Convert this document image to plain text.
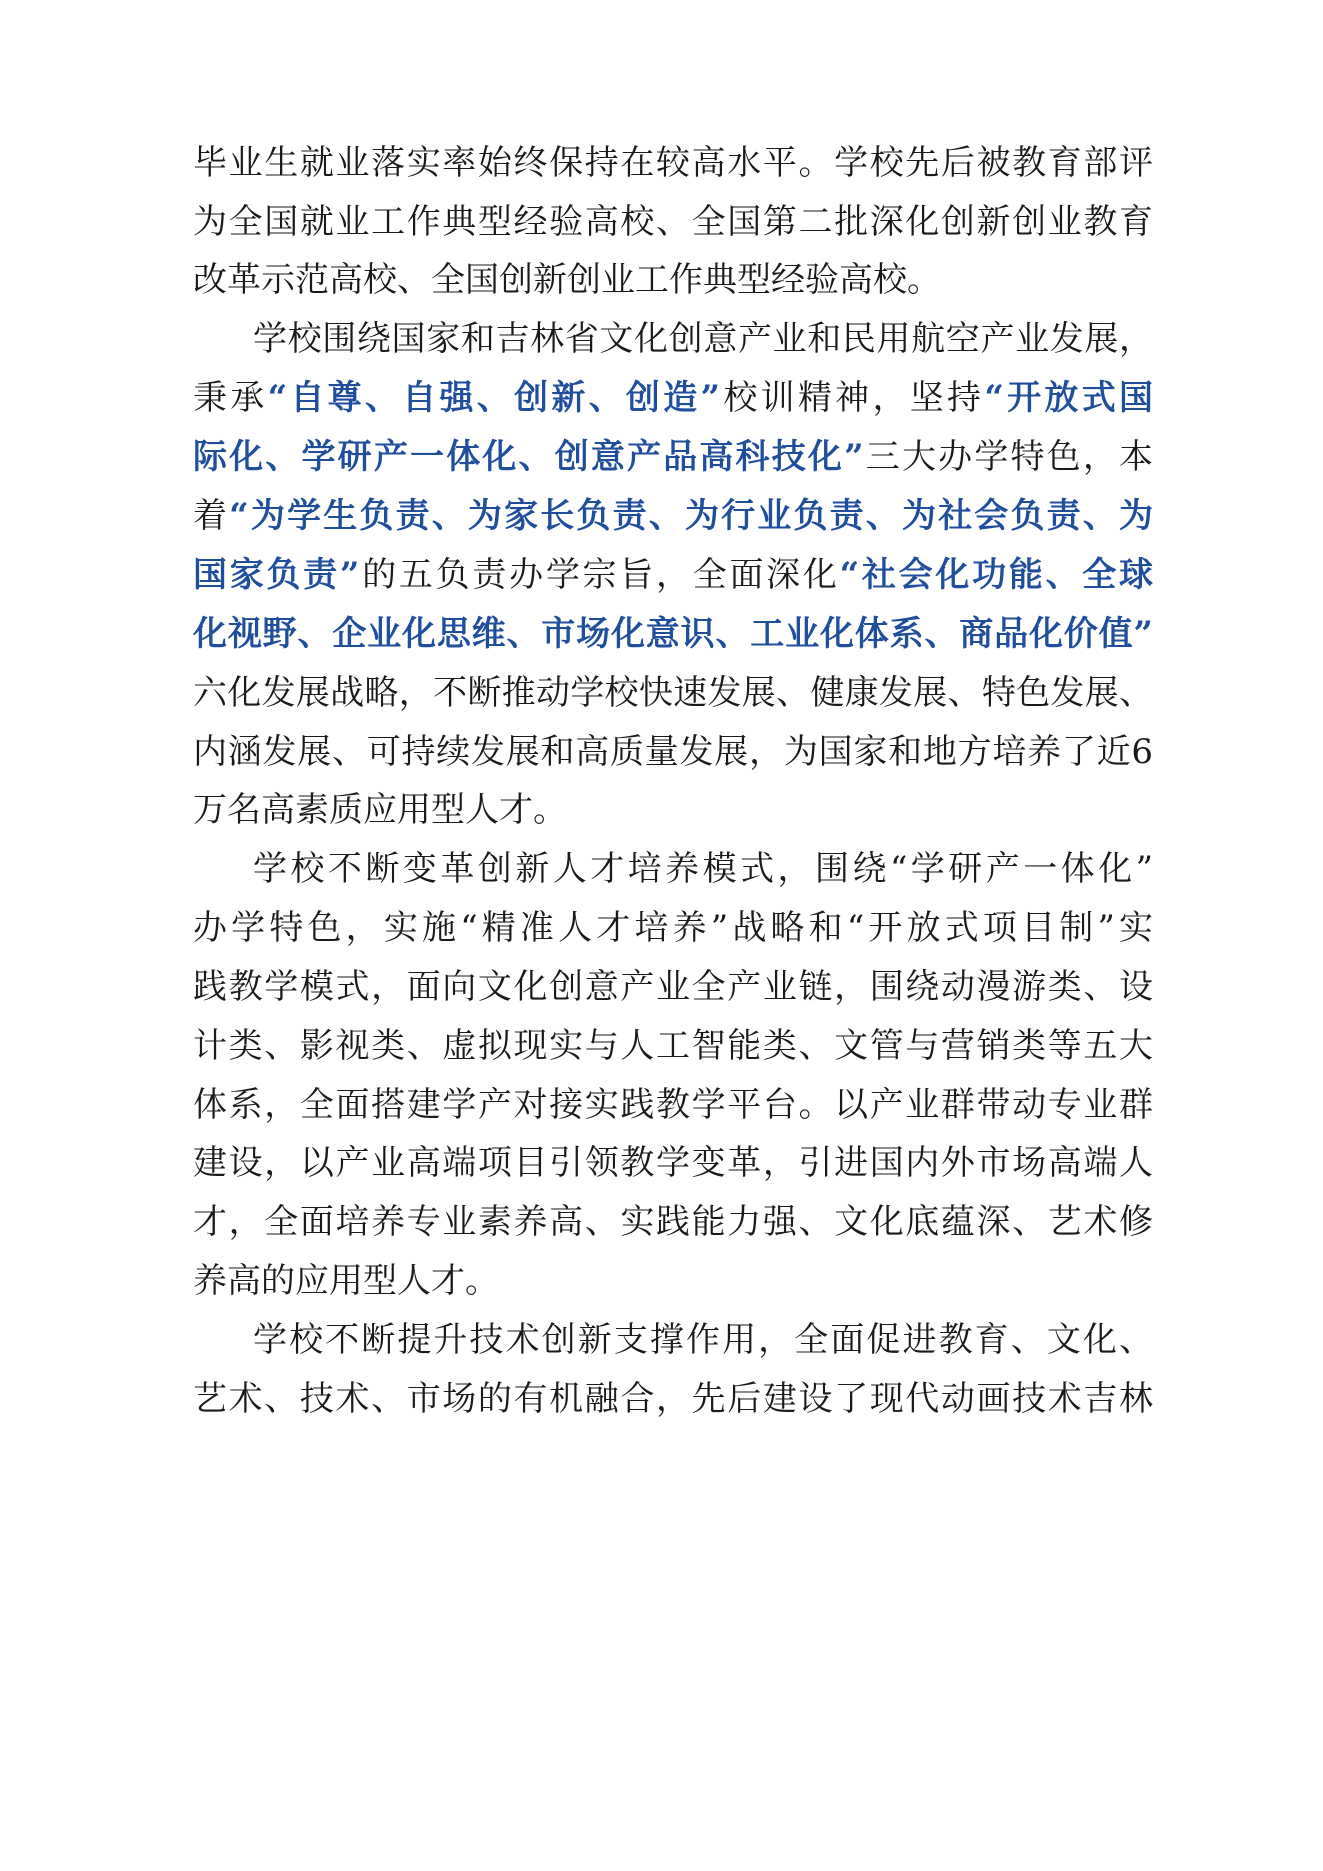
毕业生就业落实率始终保持在较高水平。学校先后被教育部评
为全国就业工作典型经验高校、全国第二批深化创新创业教育
改革示范高校、全国创新创业工作典型经验高校。
学校围绕国家和吉林省文化创意产业和民用航空产业发展，
秉承“自尊、自强、创新、创造”校训精神，坚持“开放式国
际化、学研产一体化、创意产品高科技化”三大办学特色，本
着“为学生负责、为家长负责、为行业负责、为社会负责、为
国家负责”的五负责办学宗旨，全面深化“社会化功能、全球
化视野、企业化思维、市场化意识、工业化体系、商品化价值”
六化发展战略，不断推动学校快速发展、健康发展、特色发展、
内涵发展、可持续发展和高质量发展，为国家和地方培养了近6
万名高素质应用型人才。
学校不断变革创新人才培养模式，围绕“学研产一体化”
办学特色，实施“精准人才培养”战略和“开放式项目制”实
践教学模式，面向文化创意产业全产业链，围绕动漫游类、设
计类、影视类、虚拟现实与人工智能类、文管与营销类等五大
体系，全面搭建学产对接实践教学平台。以产业群带动专业群
建设，以产业高端项目引领教学变革，引进国内外市场高端人
才，全面培养专业素养高、实践能力强、文化底蕴深、艺术修
养高的应用型人才。
学校不断提升技术创新支撑作用，全面促进教育、文化、
艺术、技术、市场的有机融合，先后建设了现代动画技术吉林
